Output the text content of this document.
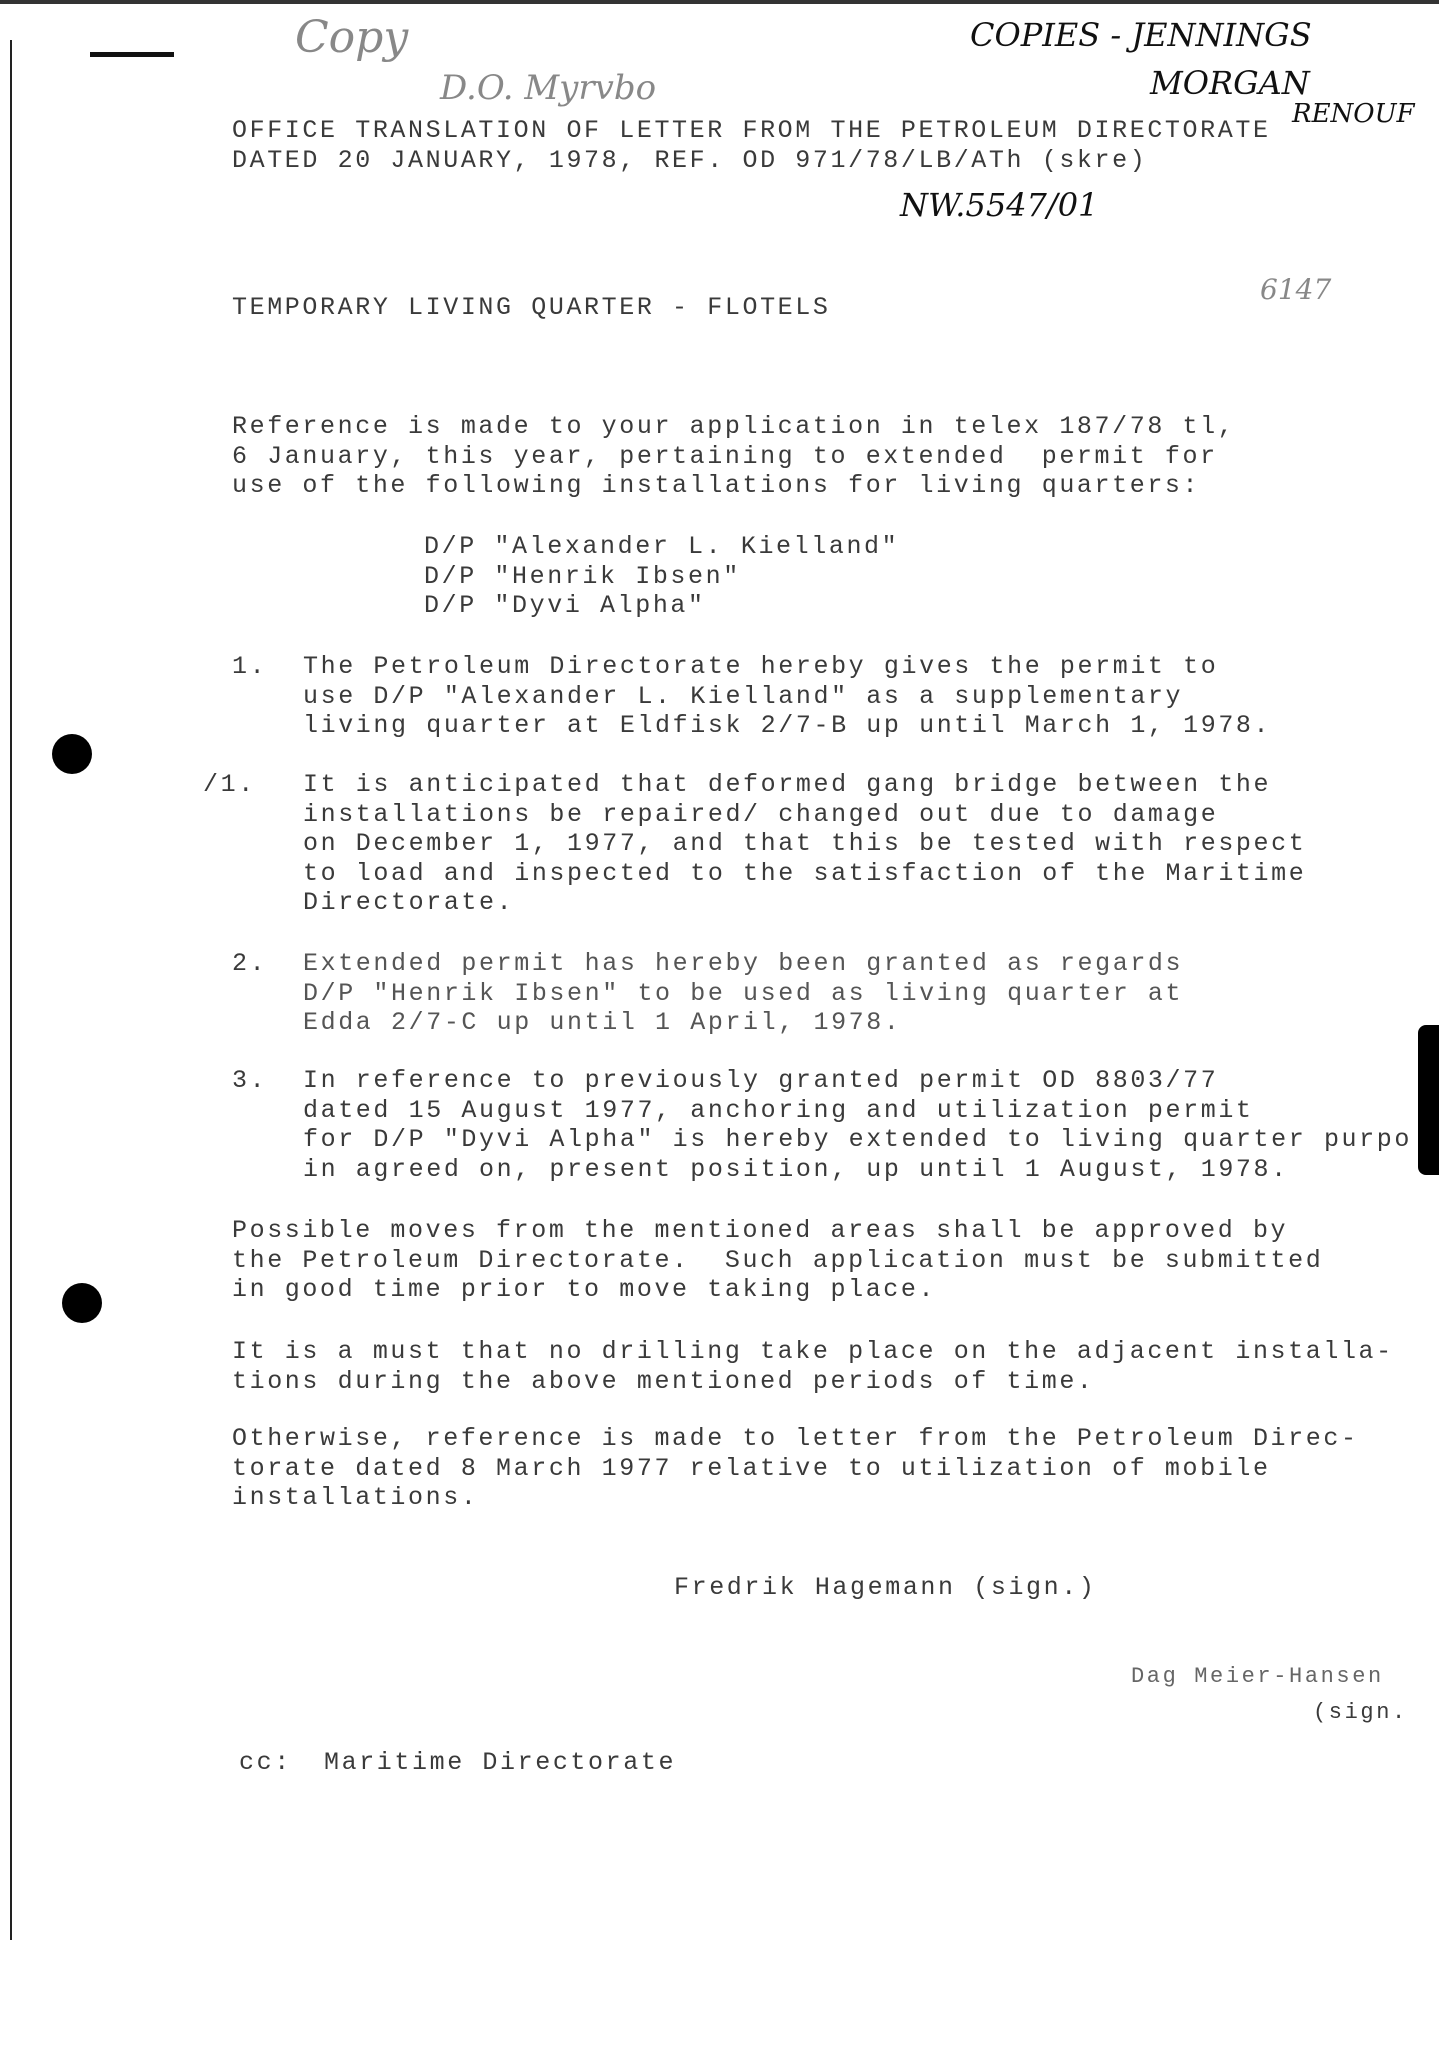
Copy
D.O. Myrvbo
COPIES - JENNINGS
MORGAN
RENOUF
NW.5547/01
6147
OFFICE TRANSLATION OF LETTER FROM THE PETROLEUM DIRECTORATE
DATED 20 JANUARY, 1978, REF. OD 971/78/LB/ATh (skre)
TEMPORARY LIVING QUARTER - FLOTELS
Reference is made to your application in telex 187/78 tl,
6 January, this year, pertaining to extended  permit for
use of the following installations for living quarters:
D/P "Alexander L. Kielland"
D/P "Henrik Ibsen"
D/P "Dyvi Alpha"
1. The Petroleum Directorate hereby gives the permit to
use D/P "Alexander L. Kielland" as a supplementary
living quarter at Eldfisk 2/7-B up until March 1, 1978.
/1. It is anticipated that deformed gang bridge between the
installations be repaired/ changed out due to damage
on December 1, 1977, and that this be tested with respect
to load and inspected to the satisfaction of the Maritime
Directorate.
2. Extended permit has hereby been granted as regards
D/P "Henrik Ibsen" to be used as living quarter at
Edda 2/7-C up until 1 April, 1978.
3. In reference to previously granted permit OD 8803/77
dated 15 August 1977, anchoring and utilization permit
for D/P "Dyvi Alpha" is hereby extended to living quarter purpo
in agreed on, present position, up until 1 August, 1978.
Possible moves from the mentioned areas shall be approved by
the Petroleum Directorate.  Such application must be submitted
in good time prior to move taking place.
It is a must that no drilling take place on the adjacent installa-
tions during the above mentioned periods of time.
Otherwise, reference is made to letter from the Petroleum Direc-
torate dated 8 March 1977 relative to utilization of mobile
installations.
Fredrik Hagemann (sign.)
Dag Meier-Hansen
(sign.
cc: Maritime Directorate
